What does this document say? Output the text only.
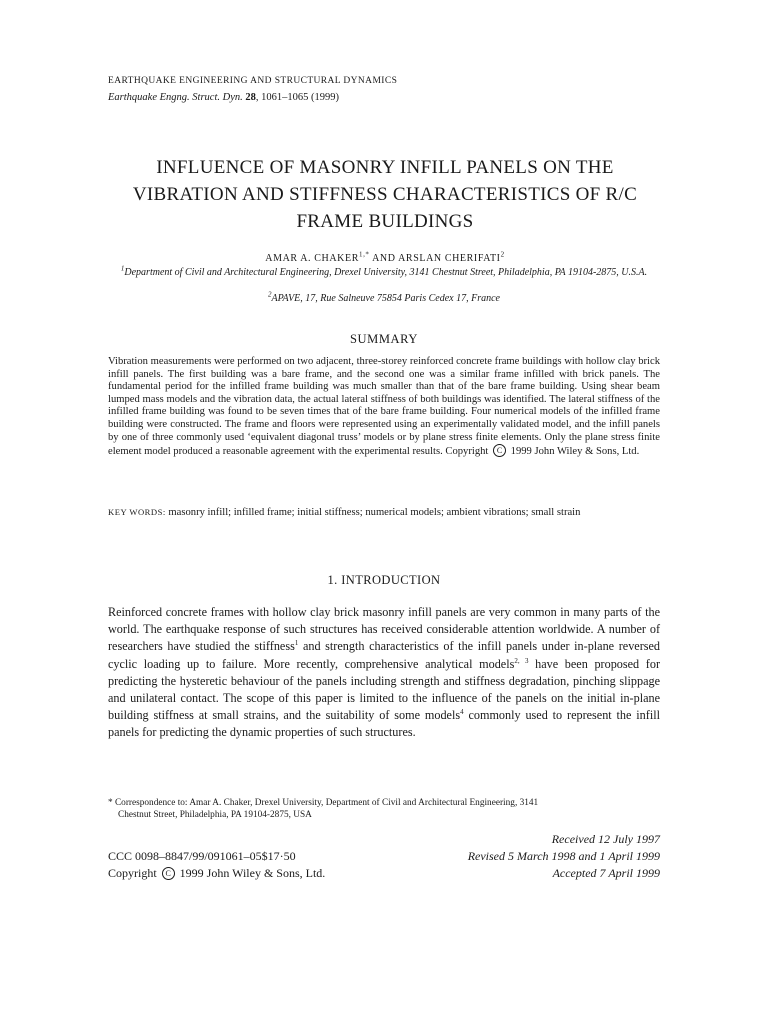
EARTHQUAKE ENGINEERING AND STRUCTURAL DYNAMICS
Earthquake Engng. Struct. Dyn. 28, 1061–1065 (1999)
INFLUENCE OF MASONRY INFILL PANELS ON THE
VIBRATION AND STIFFNESS CHARACTERISTICS OF R/C
FRAME BUILDINGS
AMAR A. $CHAKER^{1,*}$ AND ARSLAN CHERIFATI$^2$
$^1$Department of Civil and Architectural Engineering, Drexel University, 3141 Chestnut Street, Philadelphia, PA 19104-2875, U.S.A.
$^2$APAVE, 17, Rue Salneuve 75854 Paris Cedex 17, France
SUMMARY

Vibration measurements were performed on two adjacent, three-storey reinforced concrete frame buildings with hollow clay brick infill panels. The first building was a bare frame, and the second one was a similar frame infilled with brick panels. The fundamental period for the infilled frame building was much smaller than that of the bare frame building. Using shear beam lumped mass models and the vibration data, the actual lateral stiffness of both buildings was identified. The lateral stiffness of the infilled frame building was found to be seven times that of the bare frame building. Four numerical models of the infilled frame building were constructed. The frame and floors were represented using an experimentally validated model, and the infill panels by one of three commonly used ‘equivalent diagonal truss’ models or by plane stress finite elements. Only the plane stress finite element model produced a reasonable agreement with the experimental results. Copyright C 1999 John Wiley & Sons, Ltd.

KEY WORDS: masonry infill; infilled frame; initial stiffness; numerical models; ambient vibrations; small strain

1. INTRODUCTION

Reinforced concrete frames with hollow clay brick masonry infill panels are very common in many parts of the world. The earthquake response of such structures has received considerable attention worldwide. A number of researchers have studied the stiffness$^1$ and strength characteristics of the infill panels under in-plane reversed cyclic loading up to failure. More recently, comprehensive analytical models$^{2, 3}$ have been proposed for predicting the hysteretic behaviour of the panels including strength and stiffness degradation, pinching slippage and unilateral contact. The scope of this paper is limited to the influence of the panels on the initial in-plane building stiffness at small strains, and the suitability of some models$^4$ commonly used to represent the infill panels for predicting the dynamic properties of such structures.

* Correspondence to: Amar A. Chaker, Drexel University, Department of Civil and Architectural Engineering, 3141
Chestnut Street, Philadelphia, PA 19104-2875, USA
Received 12 July 1997
Revised 5 March 1998 and 1 April 1999
Accepted 7 April 1999
CCC 0098–8847/99/091061–05$17·50
Copyright C 1999 John Wiley & Sons, Ltd.
